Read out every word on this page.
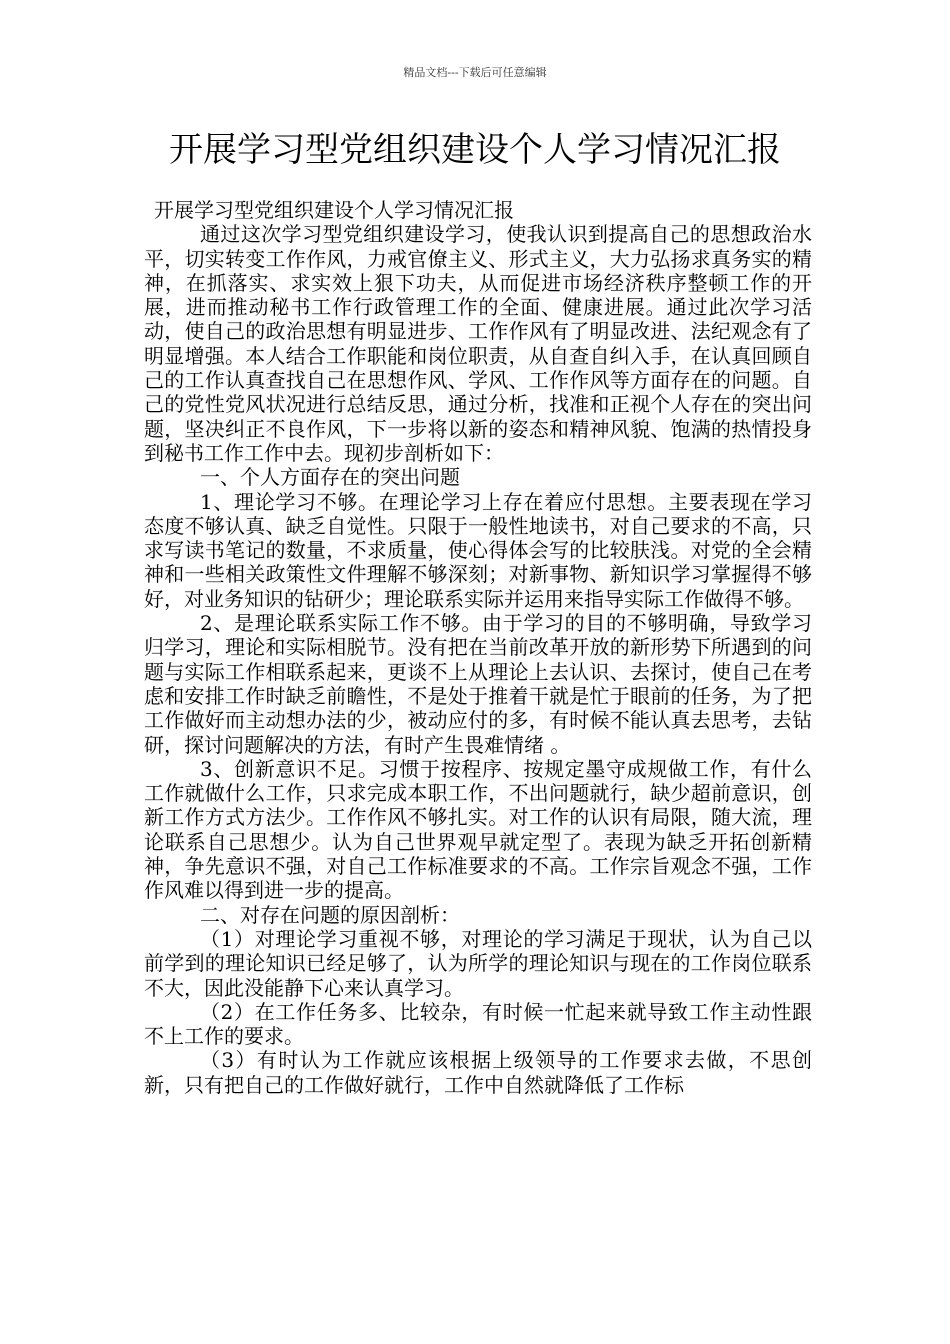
精品文档---下载后可任意编辑
开展学习型党组织建设个人学习情况汇报

开展学习型党组织建设个人学习情况汇报

通过这次学习型党组织建设学习，使我认识到提高自己的思想政治水平，切实转变工作作风，力戒官僚主义、形式主义，大力弘扬求真务实的精神，在抓落实、求实效上狠下功夫，从而促进市场经济秩序整顿工作的开展，进而推动秘书工作行政管理工作的全面、健康进展。通过此次学习活动，使自己的政治思想有明显进步、工作作风有了明显改进、法纪观念有了明显增强。本人结合工作职能和岗位职责，从自查自纠入手，在认真回顾自己的工作认真查找自己在思想作风、学风、工作作风等方面存在的问题。自己的党性党风状况进行总结反思，通过分析，找准和正视个人存在的突出问题，坚决纠正不良作风，下一步将以新的姿态和精神风貌、饱满的热情投身到秘书工作工作中去。现初步剖析如下：

一、个人方面存在的突出问题

1、理论学习不够。在理论学习上存在着应付思想。主要表现在学习态度不够认真、缺乏自觉性。只限于一般性地读书，对自己要求的不高，只求写读书笔记的数量，不求质量，使心得体会写的比较肤浅。对党的全会精神和一些相关政策性文件理解不够深刻；对新事物、新知识学习掌握得不够好，对业务知识的钻研少；理论联系实际并运用来指导实际工作做得不够。

2、是理论联系实际工作不够。由于学习的目的不够明确，导致学习归学习，理论和实际相脱节。没有把在当前改革开放的新形势下所遇到的问题与实际工作相联系起来，更谈不上从理论上去认识、去探讨，使自己在考虑和安排工作时缺乏前瞻性，不是处于推着干就是忙于眼前的任务，为了把工作做好而主动想办法的少，被动应付的多，有时候不能认真去思考，去钻研，探讨问题解决的方法，有时产生畏难情绪 。

3、创新意识不足。习惯于按程序、按规定墨守成规做工作，有什么工作就做什么工作，只求完成本职工作，不出问题就行，缺少超前意识，创新工作方式方法少。工作作风不够扎实。对工作的认识有局限，随大流，理论联系自己思想少。认为自己世界观早就定型了。表现为缺乏开拓创新精神，争先意识不强，对自己工作标准要求的不高。工作宗旨观念不强，工作作风难以得到进一步的提高。

二、对存在问题的原因剖析：

（1）对理论学习重视不够，对理论的学习满足于现状，认为自己以前学到的理论知识已经足够了，认为所学的理论知识与现在的工作岗位联系不大，因此没能静下心来认真学习。

（2）在工作任务多、比较杂，有时候一忙起来就导致工作主动性跟不上工作的要求。

（3）有时认为工作就应该根据上级领导的工作要求去做，不思创新，只有把自己的工作做好就行，工作中自然就降低了工作标
